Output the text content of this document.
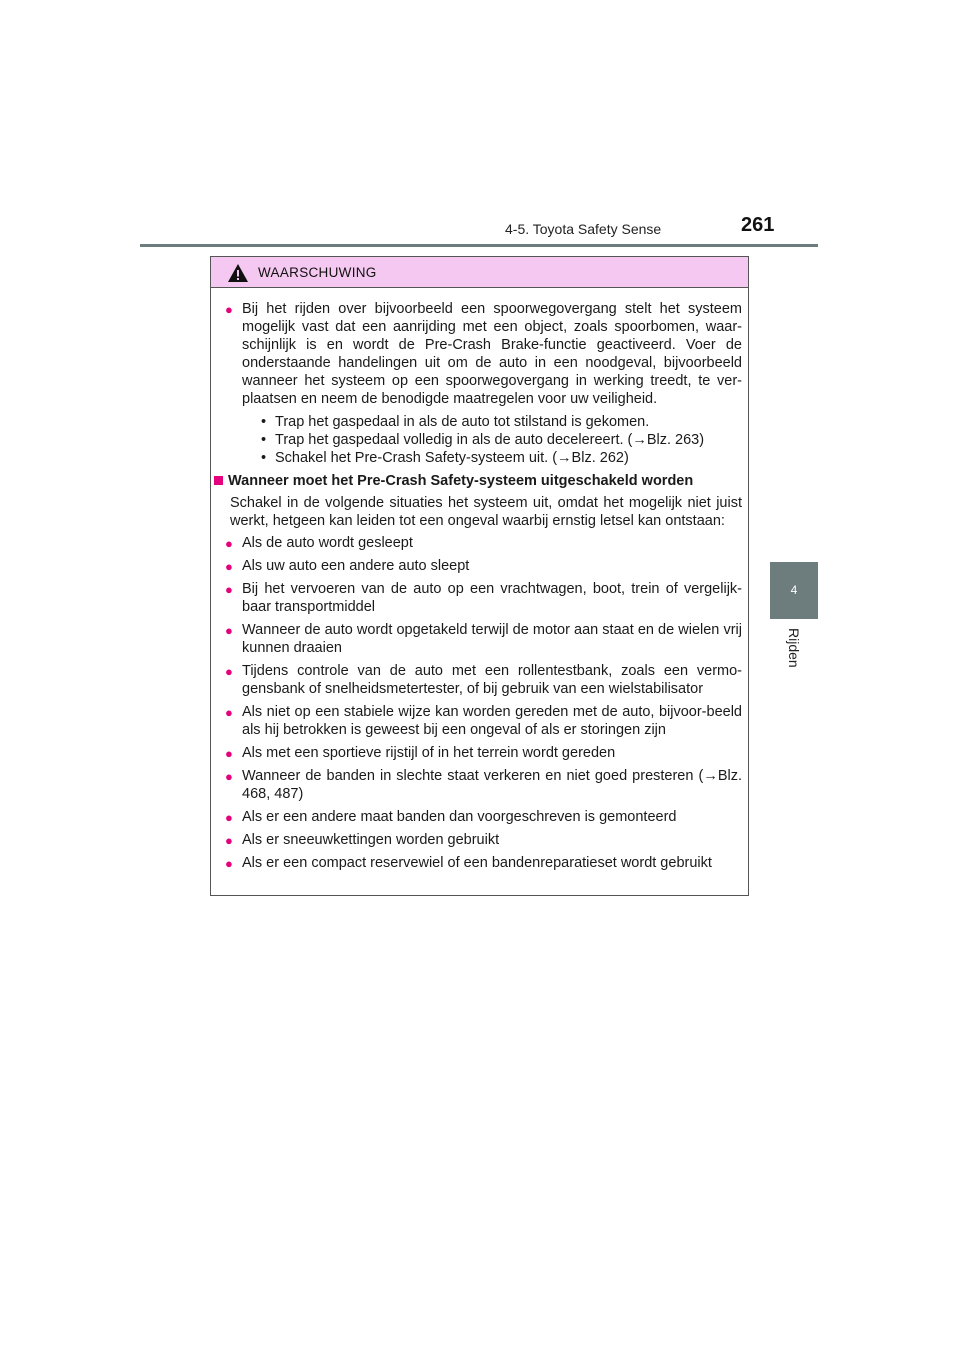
4-5. Toyota Safety Sense	261
4
Rijden
WAARSCHUWING
● Bij het rijden over bijvoorbeeld een spoorwegovergang stelt het systeem mogelijk vast dat een aanrijding met een object, zoals spoorbomen, waar-schijnlijk is en wordt de Pre-Crash Brake-functie geactiveerd. Voer de onderstaande handelingen uit om de auto in een noodgeval, bijvoorbeeld wanneer het systeem op een spoorwegovergang in werking treedt, te ver-plaatsen en neem de benodigde maatregelen voor uw veiligheid.
• Trap het gaspedaal in als de auto tot stilstand is gekomen.
• Trap het gaspedaal volledig in als de auto decelereert. (→Blz. 263)
• Schakel het Pre-Crash Safety-systeem uit. (→Blz. 262)
Wanneer moet het Pre-Crash Safety-systeem uitgeschakeld worden
Schakel in de volgende situaties het systeem uit, omdat het mogelijk niet juist werkt, hetgeen kan leiden tot een ongeval waarbij ernstig letsel kan ontstaan:
● Als de auto wordt gesleept
● Als uw auto een andere auto sleept
● Bij het vervoeren van de auto op een vrachtwagen, boot, trein of vergelijk-baar transportmiddel
● Wanneer de auto wordt opgetakeld terwijl de motor aan staat en de wielen vrij kunnen draaien
● Tijdens controle van de auto met een rollentestbank, zoals een vermo-gensbank of snelheidsmetertester, of bij gebruik van een wielstabilisator
● Als niet op een stabiele wijze kan worden gereden met de auto, bijvoor-beeld als hij betrokken is geweest bij een ongeval of als er storingen zijn
● Als met een sportieve rijstijl of in het terrein wordt gereden
● Wanneer de banden in slechte staat verkeren en niet goed presteren (→Blz. 468, 487)
● Als er een andere maat banden dan voorgeschreven is gemonteerd
● Als er sneeuwkettingen worden gebruikt
● Als er een compact reservewiel of een bandenreparatieset wordt gebruikt
